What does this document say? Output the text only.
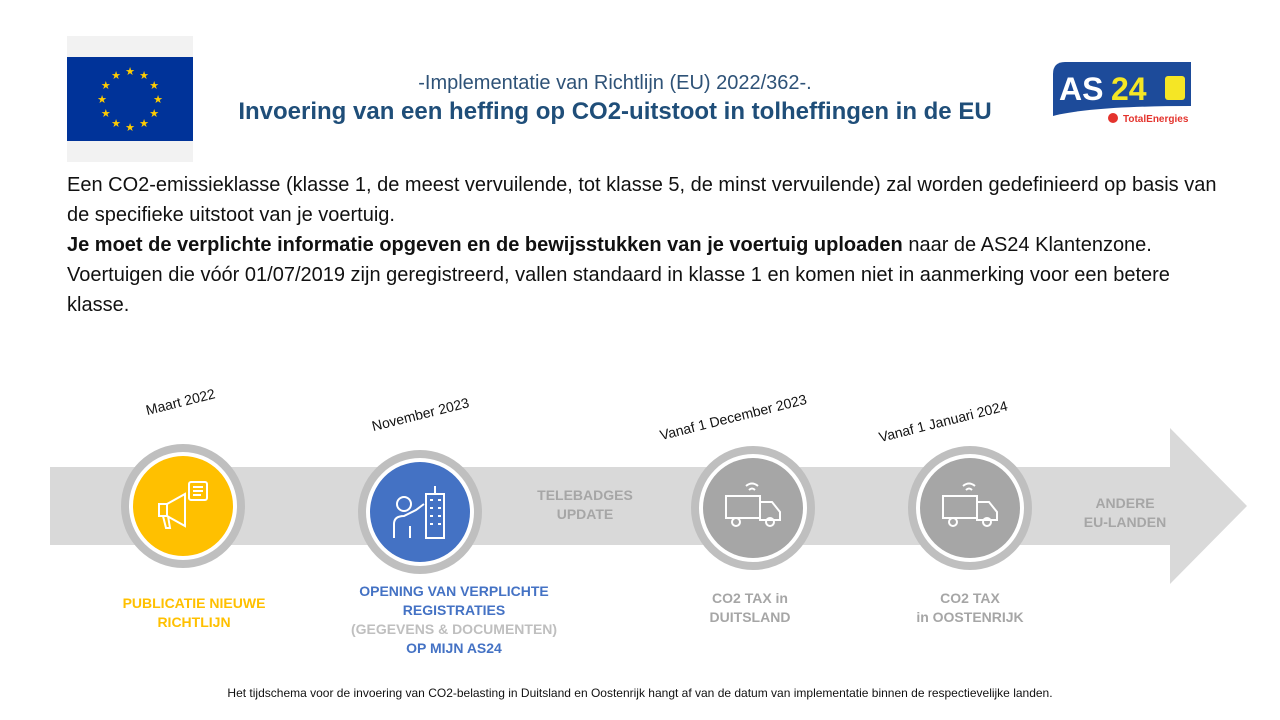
★
★
★
★
★
★
★
★
★ ★ ★
★	-Implementatie van Richtlijn (EU) 2022/362-.
Invoering van een heffing op CO2-uitstoot in tolheffingen in de EU
AS 24
TotalEnergies
Een CO2-emissieklasse (klasse 1, de meest vervuilende, tot klasse 5, de minst vervuilende) zal worden gedefinieerd op basis van de specifieke uitstoot van je voertuig.
Je moet de verplichte informatie opgeven en de bewijsstukken van je voertuig uploaden naar de AS24 Klantenzone.
Voertuigen die vóór 01/07/2019 zijn geregistreerd, vallen standaard in klasse 1 en komen niet in aanmerking voor een betere klasse.
Maart 2022	November 2023	Vanaf 1 December 2023	Vanaf 1 Januari 2024
TELEBADGES
UPDATE
ANDERE
EU-LANDEN
PUBLICATIE NIEUWE
RICHTLIJN
OPENING VAN VERPLICHTE
REGISTRATIES
(GEGEVENS & DOCUMENTEN)
OP MIJN AS24
CO2 TAX in
DUITSLAND
CO2 TAX
in OOSTENRIJK
Het tijdschema voor de invoering van CO2-belasting in Duitsland en Oostenrijk hangt af van de datum van implementatie binnen de respectievelijke landen.
